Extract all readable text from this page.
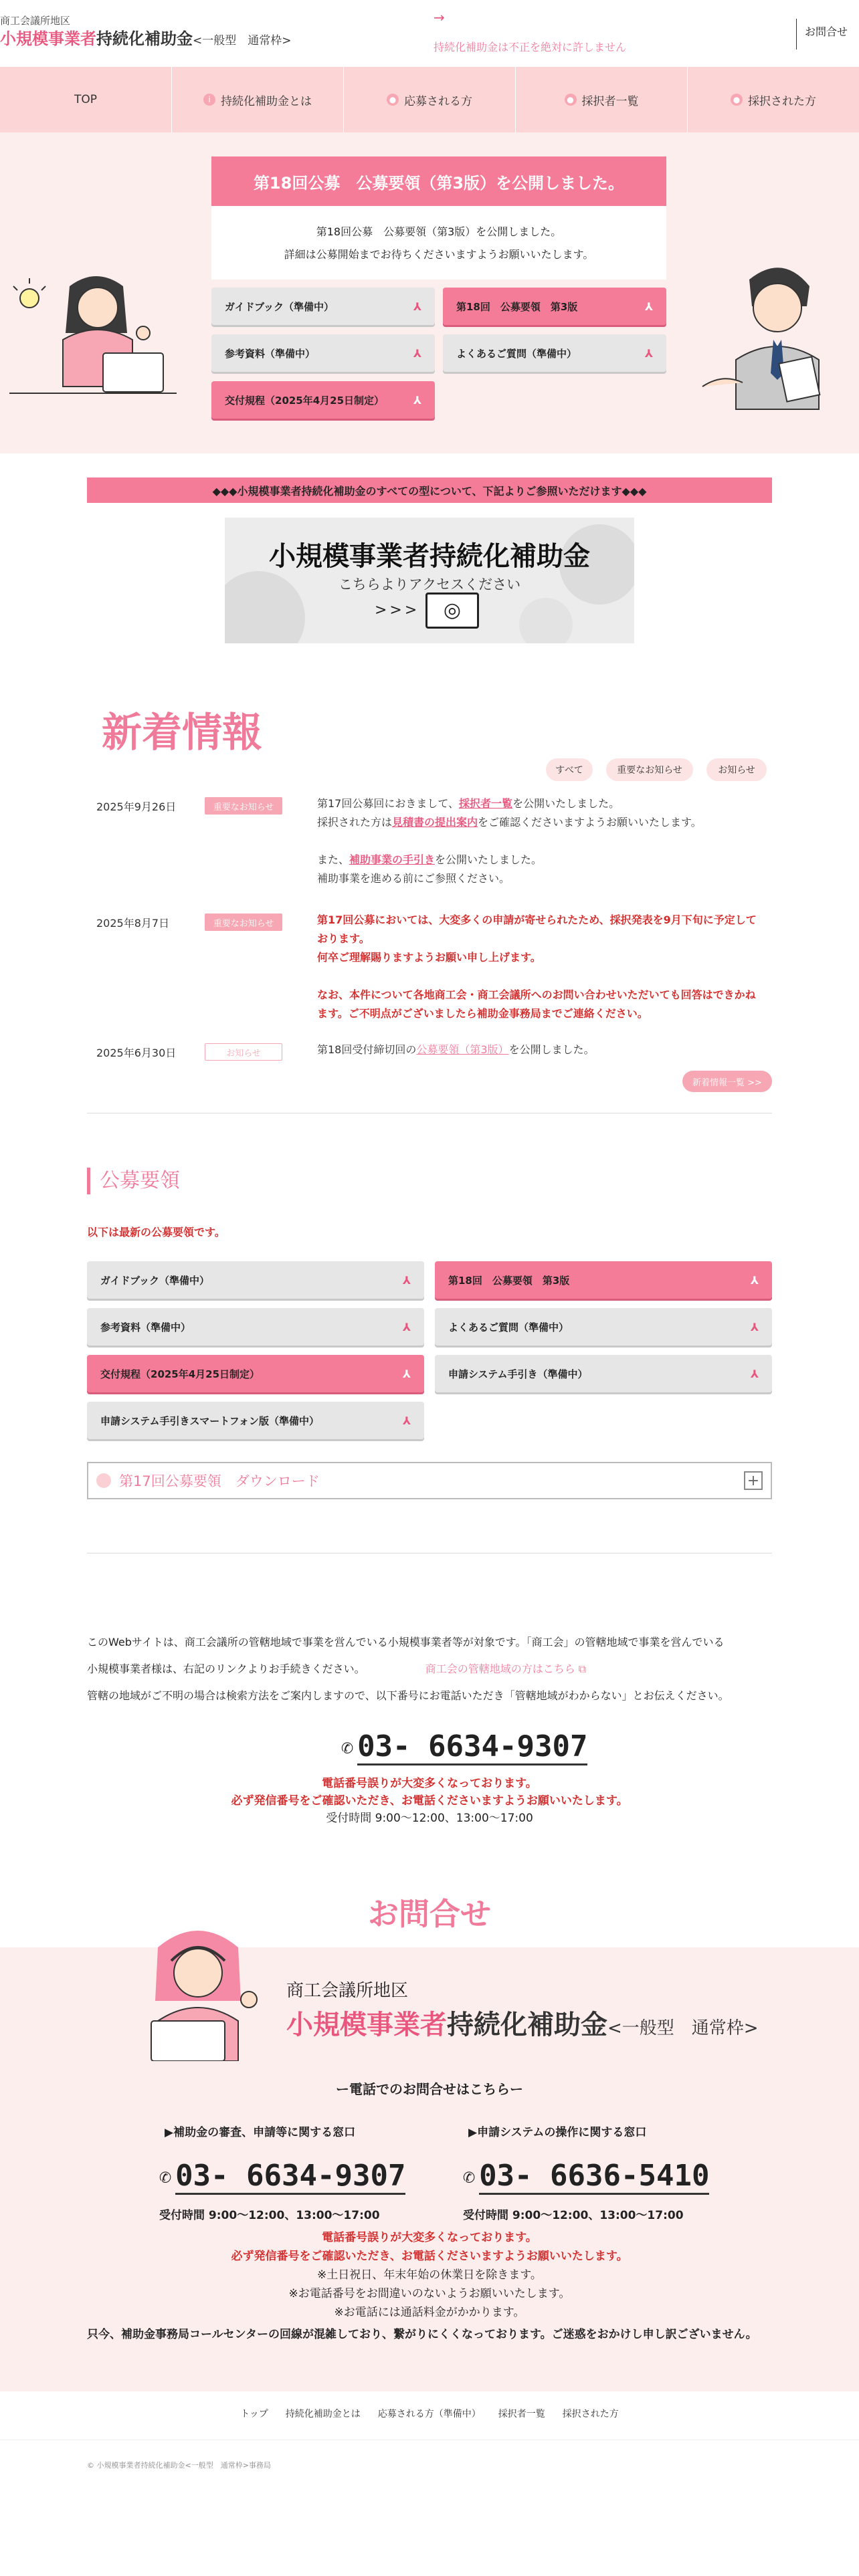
商工会議所地区
小規模事業者持続化補助金<一般型　通常枠>
→
持続化補助金は不正を絶対に許しません
お問合せ
TOP	i 持続化補助金とは	● 応募される方	● 採択者一覧	● 採択された方
第18回公募　公募要領（第3版）を公開しました。
第18回公募　公募要領（第3版）を公開しました。
詳細は公募開始までお待ちくださいますようお願いいたします。
ガイドブック（準備中）	⅄	第18回　公募要領　第3版	⅄
参考資料（準備中）	⅄	よくあるご質問（準備中）	⅄
交付規程（2025年4月25日制定）	⅄
◆◆◆小規模事業者持続化補助金のすべての型について、下記よりご参照いただけます◆◆◆
小規模事業者持続化補助金
こちらよりアクセスください
>>>	◎
新着情報
すべて	重要なお知らせ	お知らせ
2025年9月26日	重要なお知らせ	第17回公募回におきまして、採択者一覧を公開いたしました。
採択された方は見積書の提出案内をご確認くださいますようお願いいたします。
また、補助事業の手引きを公開いたしました。
補助事業を進める前にご参照ください。
2025年8月7日	重要なお知らせ	第17回公募においては、大変多くの申請が寄せられたため、採択発表を9月下旬に予定しております。
何卒ご理解賜りますようお願い申し上げます。
なお、本件について各地商工会・商工会議所へのお問い合わせいただいても回答はできかねます。ご不明点がございましたら補助金事務局までご連絡ください。
2025年6月30日	お知らせ	第18回受付締切回の公募要領（第3版）を公開しました。
新着情報一覧 >>
公募要領
以下は最新の公募要領です。
ガイドブック（準備中）	⅄	第18回　公募要領　第3版	⅄
参考資料（準備中）	⅄	よくあるご質問（準備中）	⅄
交付規程（2025年4月25日制定）	⅄	申請システム手引き（準備中）	⅄
申請システム手引きスマートフォン版（準備中）	⅄
第17回公募要領　ダウンロード	+
このWebサイトは、商工会議所の管轄地域で事業を営んでいる小規模事業者等が対象です。「商工会」の管轄地域で事業を営んでいる
小規模事業者様は、右記のリンクよりお手続きください。	商工会の管轄地域の方はこちら ⧉
管轄の地域がご不明の場合は検索方法をご案内しますので、以下番号にお電話いただき「管轄地域がわからない」とお伝えください。
✆ 03- 6634-9307
電話番号誤りが大変多くなっております。
必ず発信番号をご確認いただき、お電話くださいますようお願いいたします。
受付時間 9:00～12:00、13:00～17:00
お問合せ
商工会議所地区
小規模事業者持続化補助金<一般型　通常枠>
ー電話でのお問合せはこちらー
▶補助金の審査、申請等に関する窓口
✆ 03- 6634-9307
受付時間 9:00～12:00、13:00～17:00
▶申請システムの操作に関する窓口
✆ 03- 6636-5410
受付時間 9:00～12:00、13:00～17:00
電話番号誤りが大変多くなっております。
必ず発信番号をご確認いただき、お電話くださいますようお願いいたします。
※土日祝日、年末年始の休業日を除きます。
※お電話番号をお間違いのないようお願いいたします。
※お電話には通話料金がかかります。
只今、補助金事務局コールセンターの回線が混雑しており、繋がりにくくなっております。ご迷惑をおかけし申し訳ございません。
トップ 持続化補助金とは 応募される方（準備中） 採択者一覧 採択された方
© 小規模事業者持続化補助金<一般型　通常枠>事務局
